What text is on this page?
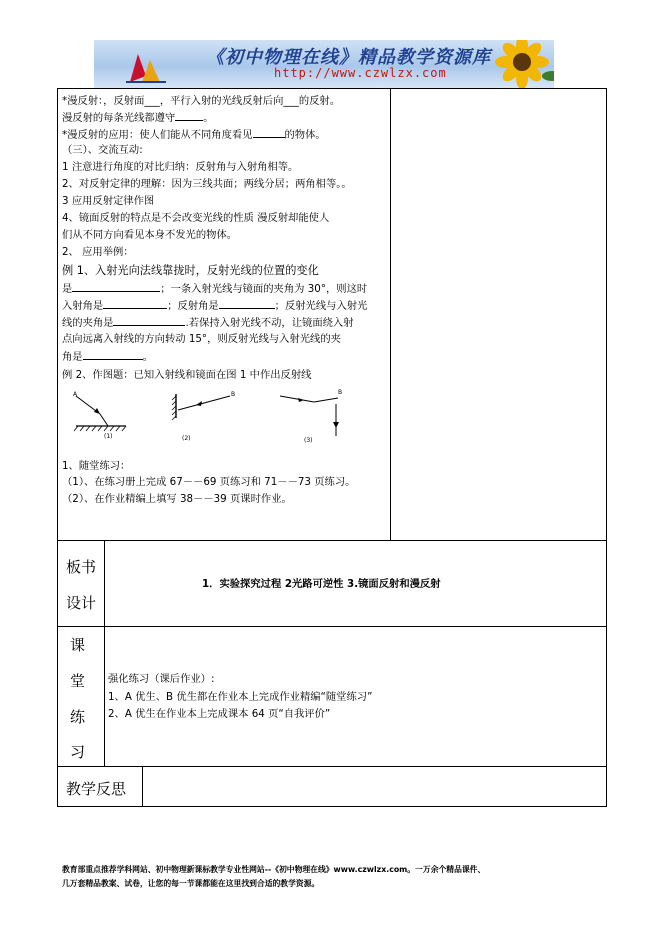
《初中物理在线》精品教学资源库
http://www.czwlzx.com
*漫反射：，反射面___，平行入射的光线反射后向___的反射。
漫反射的每条光线都遵守	。
*漫反射的应用：使人们能从不同角度看见	的物体。
（三）、交流互动:
1 注意进行角度的对比归纳：反射角与入射角相等。
2、对反射定律的理解：因为三线共面；两线分居；两角相等。。
3 应用反射定律作图
4、镜面反射的特点是不会改变光线的性质 漫反射却能使人
们从不同方向看见本身不发光的物体。
2、 应用举例：
例 1、入射光向法线靠拢时，反射光线的位置的变化
是	；一条入射光线与镜面的夹角为 30°，则这时
入射角是	；反射角是	；反射光线与入射光
线的夹角是	.若保持入射光线不动，让镜面绕入射
点向远离入射线的方向转动 15°，则反射光线与入射光线的夹
角是	。
例 2、作图题：已知入射线和镜面在图 1 中作出反射线
A
(1)
B
(2)
B
(3)
1、随堂练习：
（1）、在练习册上完成 67－－69 页练习和 71－－73 页练习。
（2）、在作业精编上填写 38－－39 页课时作业。
板书
设计
1．实验探究过程 2光路可逆性 3.镜面反射和漫反射
课
堂
练
习
强化练习（课后作业）:
1、A 优生、B 优生都在作业本上完成作业精编“随堂练习”
2、A 优生在作业本上完成课本 64 页“自我评价”
教学反思
教育部重点推荐学科网站、初中物理新课标教学专业性网站--《初中物理在线》www.czwlzx.com。一万余个精品课件、
几万套精品教案、试卷，让您的每一节课都能在这里找到合适的教学资源。
